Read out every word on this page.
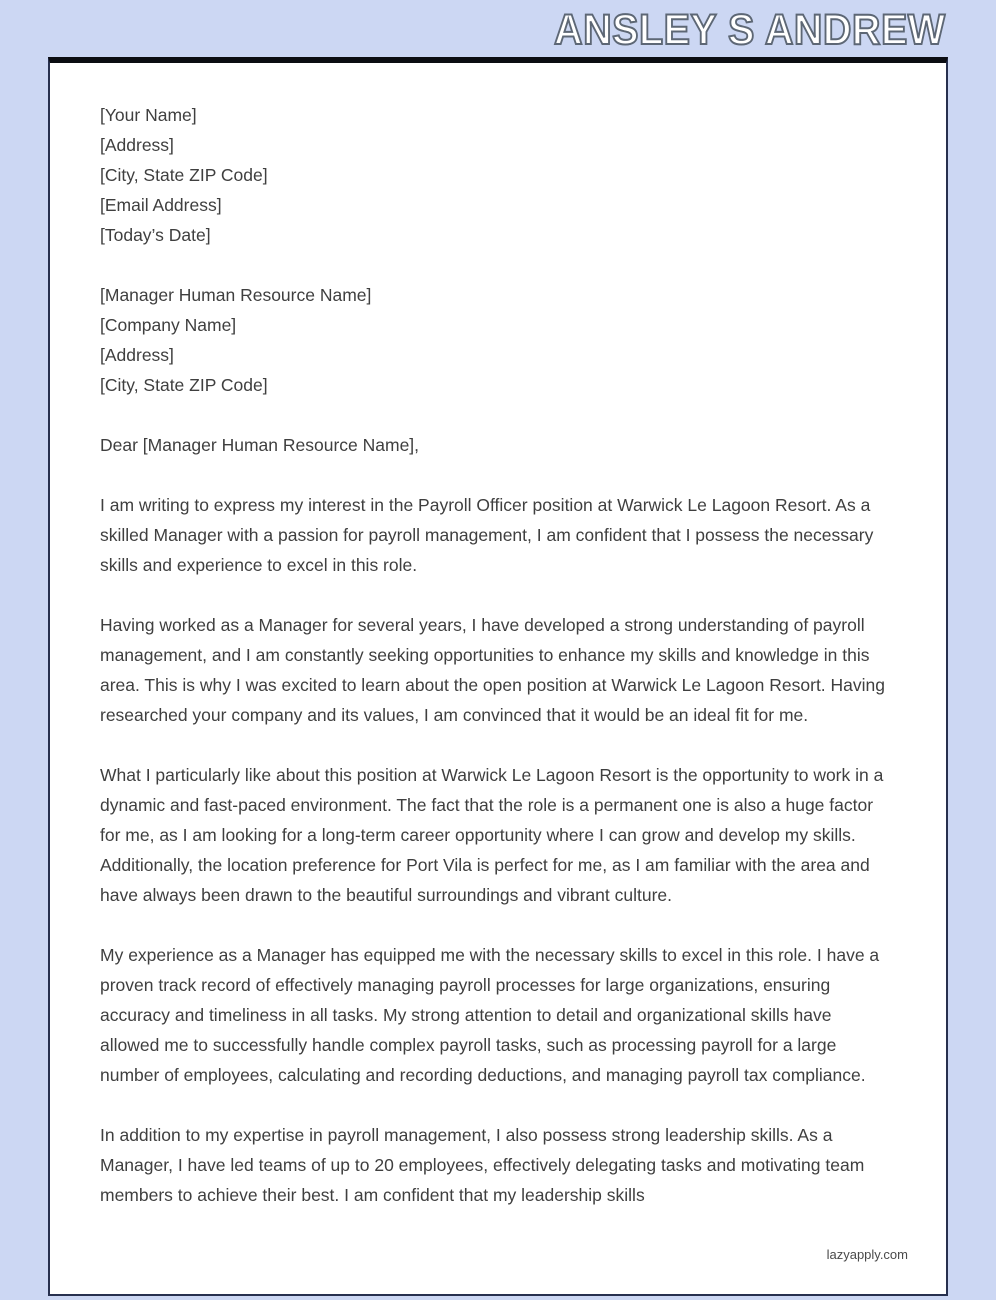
ANSLEY S ANDREW
[Your Name]
[Address]
[City, State ZIP Code]
[Email Address]
[Today’s Date]
[Manager Human Resource Name]
[Company Name]
[Address]
[City, State ZIP Code]

Dear [Manager Human Resource Name],

I am writing to express my interest in the Payroll Officer position at Warwick Le Lagoon Resort. As a skilled Manager with a passion for payroll management, I am confident that I possess the necessary skills and experience to excel in this role.

Having worked as a Manager for several years, I have developed a strong understanding of payroll management, and I am constantly seeking opportunities to enhance my skills and knowledge in this area. This is why I was excited to learn about the open position at Warwick Le Lagoon Resort. Having researched your company and its values, I am convinced that it would be an ideal fit for me.

What I particularly like about this position at Warwick Le Lagoon Resort is the opportunity to work in a dynamic and fast-paced environment. The fact that the role is a permanent one is also a huge factor for me, as I am looking for a long-term career opportunity where I can grow and develop my skills. Additionally, the location preference for Port Vila is perfect for me, as I am familiar with the area and have always been drawn to the beautiful surroundings and vibrant culture.

My experience as a Manager has equipped me with the necessary skills to excel in this role. I have a proven track record of effectively managing payroll processes for large organizations, ensuring accuracy and timeliness in all tasks. My strong attention to detail and organizational skills have allowed me to successfully handle complex payroll tasks, such as processing payroll for a large number of employees, calculating and recording deductions, and managing payroll tax compliance.

In addition to my expertise in payroll management, I also possess strong leadership skills. As a Manager, I have led teams of up to 20 employees, effectively delegating tasks and motivating team members to achieve their best. I am confident that my leadership skills

lazyapply.com
